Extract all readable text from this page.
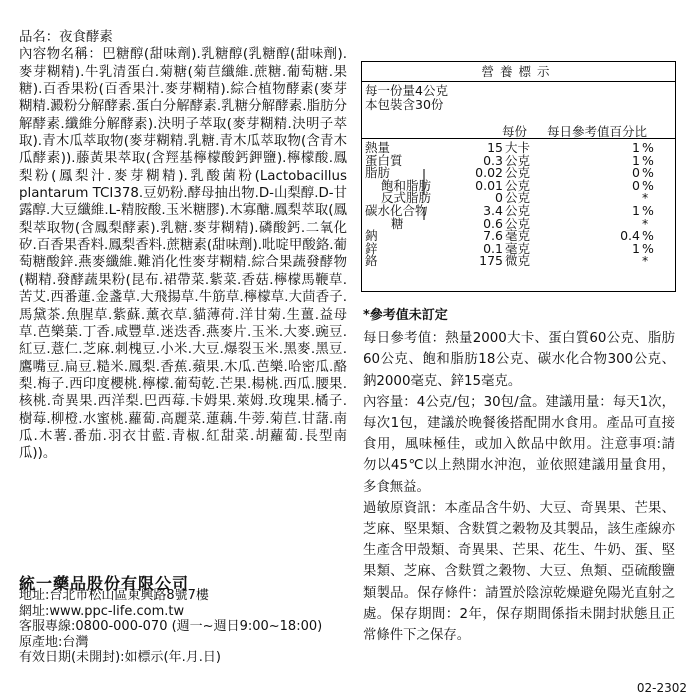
品名：夜食酵素

內容物名稱：巴糖醇(甜味劑).乳糖醇(乳糖醇(甜味劑).麥芽糊精).牛乳清蛋白.菊糖(菊苣纖維.蔗糖.葡萄糖.果糖).百香果粉(百香果汁.麥芽糊精).綜合植物酵素(麥芽糊精.澱粉分解酵素.蛋白分解酵素.乳糖分解酵素.脂肪分解酵素.纖維分解酵素).決明子萃取(麥芽糊精.決明子萃取).青木瓜萃取物(麥芽糊精.乳糖.青木瓜萃取物(含青木瓜酵素)).藤黃果萃取(含羥基檸檬酸鈣鉀鹽).檸檬酸.鳳梨粉(鳳梨汁.麥芽糊精).乳酸菌粉(Lactobacillus plantarum TCI378.豆奶粉.酵母抽出物.D-山梨醇.D-甘露醇.大豆纖維.L-精胺酸.玉米糖膠).木寡醣.鳳梨萃取(鳳梨萃取物(含鳳梨酵素).乳糖.麥芽糊精).磷酸鈣.二氧化矽.百香果香料.鳳梨香料.蔗糖素(甜味劑).吡啶甲酸鉻.葡萄糖酸鋅.燕麥纖維.難消化性麥芽糊精.綜合果蔬發酵物(糊精.發酵蔬果粉(昆布.裙帶菜.紫菜.香菇.檸檬馬鞭草.苦艾.西番蓮.金盞草.大飛揚草.牛筋草.檸檬草.大茴香子.馬黛茶.魚腥草.紫蘇.薰衣草.貓薄荷.洋甘菊.生薑.益母草.芭樂葉.丁香.咸豐草.迷迭香.燕麥片.玉米.大麥.豌豆.紅豆.薏仁.芝麻.刺槐豆.小米.大豆.爆裂玉米.黑麥.黑豆.鷹嘴豆.扁豆.糙米.鳳梨.香蕉.蘋果.木瓜.芭樂.哈密瓜.酪梨.梅子.西印度櫻桃.檸檬.葡萄乾.芒果.楊桃.西瓜.腰果.核桃.奇異果.西洋梨.巴西莓.卡姆果.萊姆.玫瑰果.橘子.樹莓.柳橙.水蜜桃.蘿蔔.高麗菜.蓮藕.牛蒡.菊苣.甘藷.南瓜.木薯.番茄.羽衣甘藍.青椒.紅甜菜.胡蘿蔔.長型南瓜))。

統一藥品股份有限公司
地址:台北市松山區東興路8號7樓
網址:www.ppc-life.com.tw
客服專線:0800-000-070 (週一~週日9:00~18:00)
原產地:台灣
有效日期(未開封):如標示(年.月.日)
營養標示
每一份量4公克
本包裝含30份
每份 每日參考值百分比
熱量	15 大卡	1 %
蛋白質	0.3 公克	1 %
脂肪	0.02 公克	0 %
飽和脂肪	0.01 公克	0 %
反式脂肪	0 公克	*
碳水化合物	3.4 公克	1 %
糖	0.6 公克	*
鈉	7.6 毫克	0.4 %
鋅	0.1 毫克	1 %
鉻	175 微克	*

*參考值未訂定

每日參考值：熱量2000大卡、蛋白質60公克、脂肪60公克、飽和脂肪18公克、碳水化合物300公克、鈉2000毫克、鋅15毫克。

內容量：4公克/包；30包/盒。建議用量：每天1次，每次1包，建議於晚餐後搭配開水食用。產品可直接食用，風味極佳，或加入飲品中飲用。注意事項:請勿以45℃以上熱開水沖泡，並依照建議用量食用，多食無益。

過敏原資訊：本產品含牛奶、大豆、奇異果、芒果、芝麻、堅果類、含麩質之穀物及其製品，該生產線亦生產含甲殼類、奇異果、芒果、花生、牛奶、蛋、堅果類、芝麻、含麩質之穀物、大豆、魚類、亞硫酸鹽類製品。保存條件：請置於陰涼乾燥避免陽光直射之處。保存期間：2年，保存期間係指未開封狀態且正常條件下之保存。

02-2302
